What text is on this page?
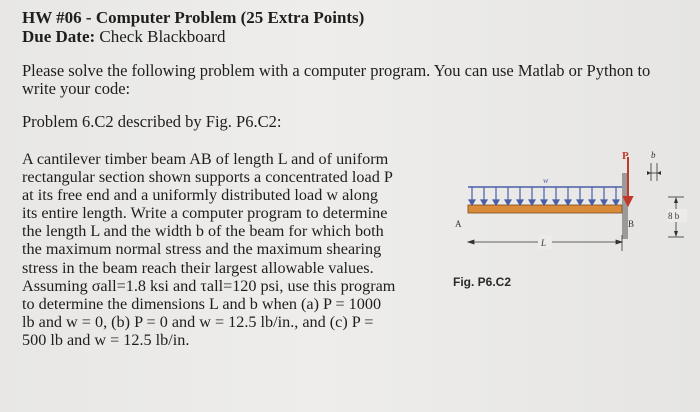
HW #06 - Computer Problem (25 Extra Points)
Due Date: Check Blackboard
Please solve the following problem with a computer program. You can use Matlab or Python to write your code:
Problem 6.C2 described by Fig. P6.C2:
A cantilever timber beam AB of length L and of uniform
rectangular section shown supports a concentrated load P
at its free end and a uniformly distributed load w along
its entire length. Write a computer program to determine
the length L and the width b of the beam for which both
the maximum normal stress and the maximum shearing
stress in the beam reach their largest allowable values.
Assuming σall=1.8 ksi and τall=120 psi, use this program
to determine the dimensions L and b when (a) P = 1000
lb and w = 0, (b) P = 0 and w = 12.5 lb/in., and (c) P =
500 lb and w = 12.5 lb/in.
P
w
A	B
L
b
8 b
Fig. P6.C2
